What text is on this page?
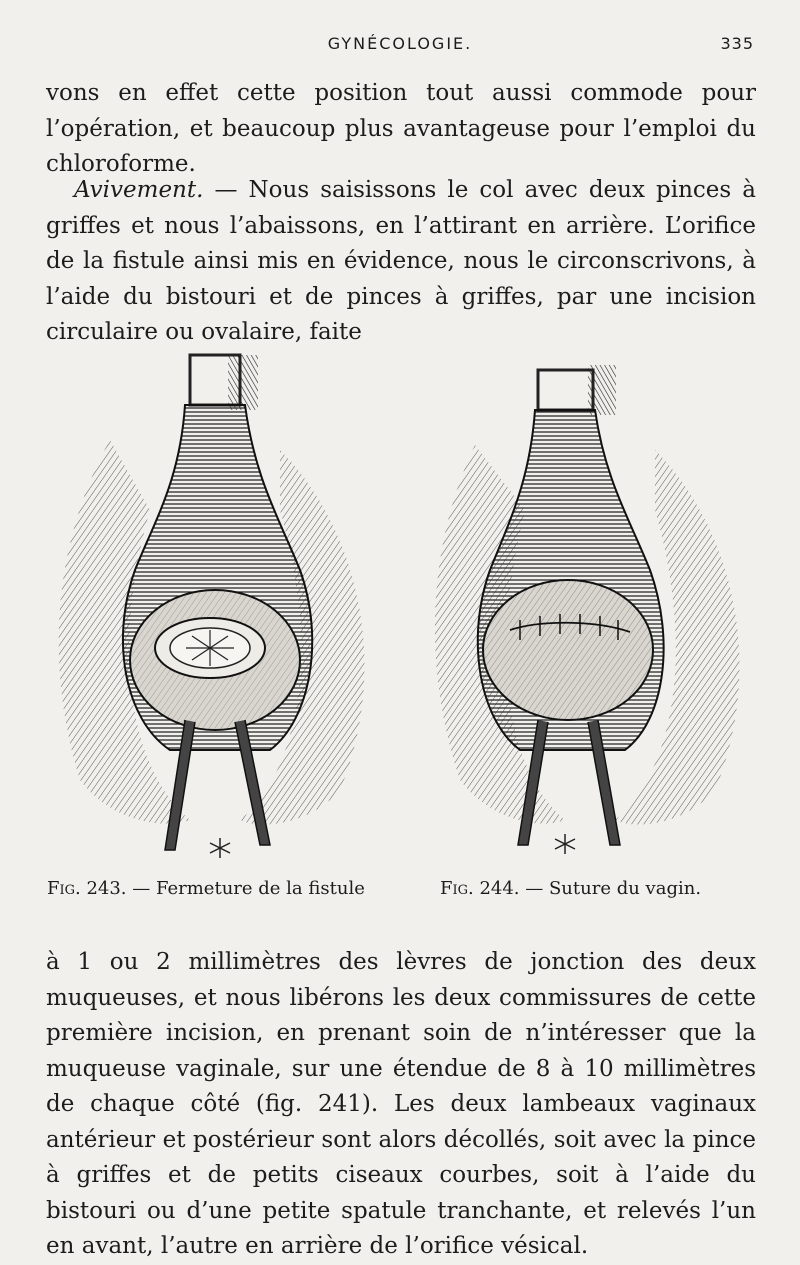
GYNÉCOLOGIE.	335
vons en effet cette position tout aussi commode pour l’opération, et beaucoup plus avantageuse pour l’emploi du chloroforme.
Avivement. — Nous saisissons le col avec deux pinces à griffes et nous l’abaissons, en l’attirant en arrière. L’orifice de la fistule ainsi mis en évidence, nous le circonscrivons, à l’aide du bistouri et de pinces à griffes, par une incision circulaire ou ovalaire, faite
Fig. 243. — Fermeture de la fistule	Fig. 244. — Suture du vagin.
à 1 ou 2 millimètres des lèvres de jonction des deux muqueuses, et nous libérons les deux commissures de cette première incision, en prenant soin de n’intéresser que la muqueuse vaginale, sur une étendue de 8 à 10 millimètres de chaque côté (fig. 241). Les deux lambeaux vaginaux antérieur et postérieur sont alors décollés, soit avec la pince à griffes et de petits ciseaux courbes, soit à l’aide du bistouri ou d’une petite spatule tranchante, et relevés l’un en avant, l’autre en arrière de l’orifice vésical.
